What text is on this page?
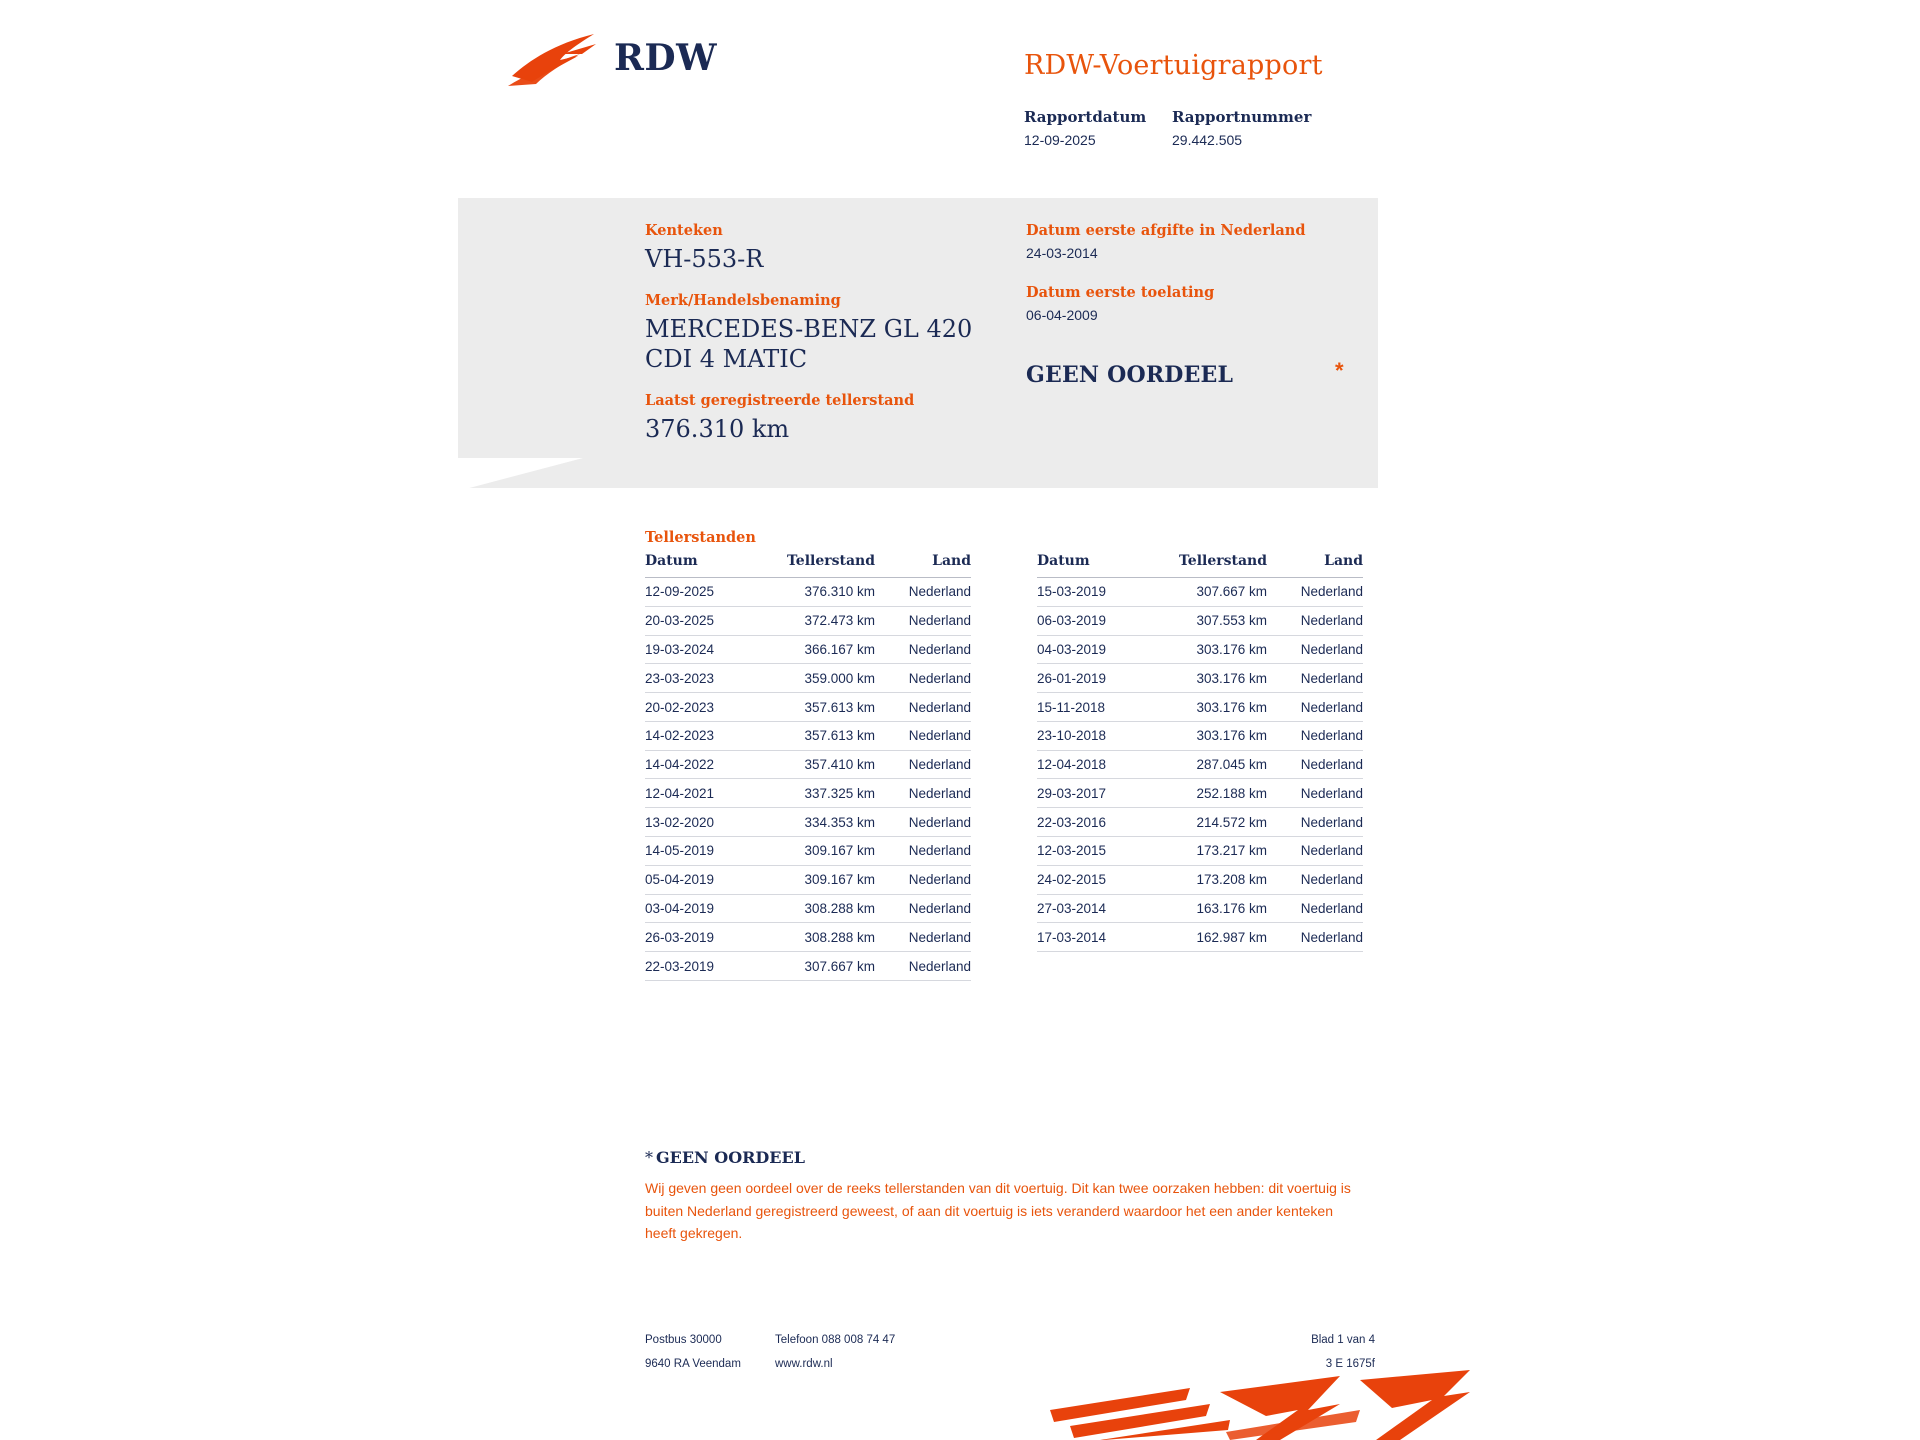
RDW	RDW-Voertuigrapport
Rapportdatum
12-09-2025
Rapportnummer
29.442.505
Kenteken
VH-553-R
Merk/Handelsbenaming
MERCEDES-BENZ GL 420 CDI 4 MATIC
Laatst geregistreerde tellerstand
376.310 km
Datum eerste afgifte in Nederland
24-03-2014
Datum eerste toelating
06-04-2009
GEEN OORDEEL	*
Tellerstanden
Datum	Tellerstand	Land
12-09-2025	376.310 km	Nederland
20-03-2025	372.473 km	Nederland
19-03-2024	366.167 km	Nederland
23-03-2023	359.000 km	Nederland
20-02-2023	357.613 km	Nederland
14-02-2023	357.613 km	Nederland
14-04-2022	357.410 km	Nederland
12-04-2021	337.325 km	Nederland
13-02-2020	334.353 km	Nederland
14-05-2019	309.167 km	Nederland
05-04-2019	309.167 km	Nederland
03-04-2019	308.288 km	Nederland
26-03-2019	308.288 km	Nederland
22-03-2019	307.667 km	Nederland
Datum	Tellerstand	Land
15-03-2019	307.667 km	Nederland
06-03-2019	307.553 km	Nederland
04-03-2019	303.176 km	Nederland
26-01-2019	303.176 km	Nederland
15-11-2018	303.176 km	Nederland
23-10-2018	303.176 km	Nederland
12-04-2018	287.045 km	Nederland
29-03-2017	252.188 km	Nederland
22-03-2016	214.572 km	Nederland
12-03-2015	173.217 km	Nederland
24-02-2015	173.208 km	Nederland
27-03-2014	163.176 km	Nederland
17-03-2014	162.987 km	Nederland
* GEEN OORDEEL
Wij geven geen oordeel over de reeks tellerstanden van dit voertuig. Dit kan twee oorzaken hebben: dit voertuig is buiten Nederland geregistreerd geweest, of aan dit voertuig is iets veranderd waardoor het een ander kenteken heeft gekregen.
Postbus 30000	Telefoon 088 008 74 47	Blad 1 van 4
9640 RA Veendam	www.rdw.nl	3 E 1675f
